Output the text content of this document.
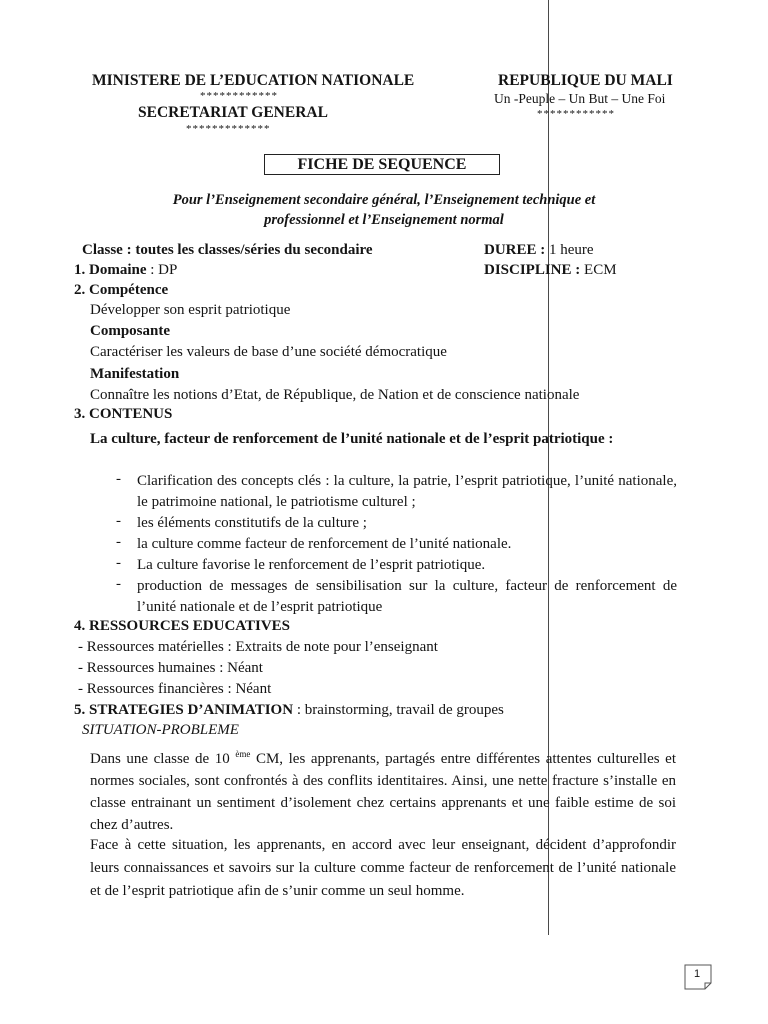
MINISTERE DE L’EDUCATION NATIONALE
************
SECRETARIAT GENERAL
*************
REPUBLIQUE DU MALI
Un -Peuple – Un But – Une Foi
************
FICHE DE SEQUENCE
Pour l’Enseignement secondaire général, l’Enseignement technique et
professionnel et l’Enseignement normal
Classe : toutes les classes/séries du secondaire	DUREE : 1 heure
DISCIPLINE : ECM
1. Domaine : DP
2. Compétence
Développer son esprit patriotique
Composante
Caractériser les valeurs de base d’une société démocratique
Manifestation
Connaître les notions d’Etat, de République, de Nation et de conscience nationale
3. CONTENUS
La culture, facteur de renforcement de l’unité nationale et de l’esprit patriotique :
- Clarification des concepts clés : la culture, la patrie, l’esprit patriotique, l’unité nationale, le patrimoine national, le patriotisme culturel ;
- les éléments constitutifs de la culture ;
- la culture comme facteur de renforcement de l’unité nationale.
- La culture favorise le renforcement de l’esprit patriotique.
- production de messages de sensibilisation sur la culture, facteur de renforcement de l’unité nationale et de l’esprit patriotique
4. RESSOURCES EDUCATIVES
- Ressources matérielles : Extraits de note pour l’enseignant
- Ressources humaines : Néant
- Ressources financières : Néant
5. STRATEGIES D’ANIMATION : brainstorming, travail de groupes
SITUATION-PROBLEME
Dans une classe de 10 $^{ème}$ CM, les apprenants, partagés entre différentes attentes culturelles et normes sociales, sont confrontés à des conflits identitaires. Ainsi, une nette fracture s’installe en classe entrainant un sentiment d’isolement chez certains apprenants et une faible estime de soi chez d’autres.
Face à cette situation, les apprenants, en accord avec leur enseignant, décident d’approfondir leurs connaissances et savoirs sur la culture comme facteur de renforcement de l’unité nationale et de l’esprit patriotique afin de s’unir comme un seul homme.
1
